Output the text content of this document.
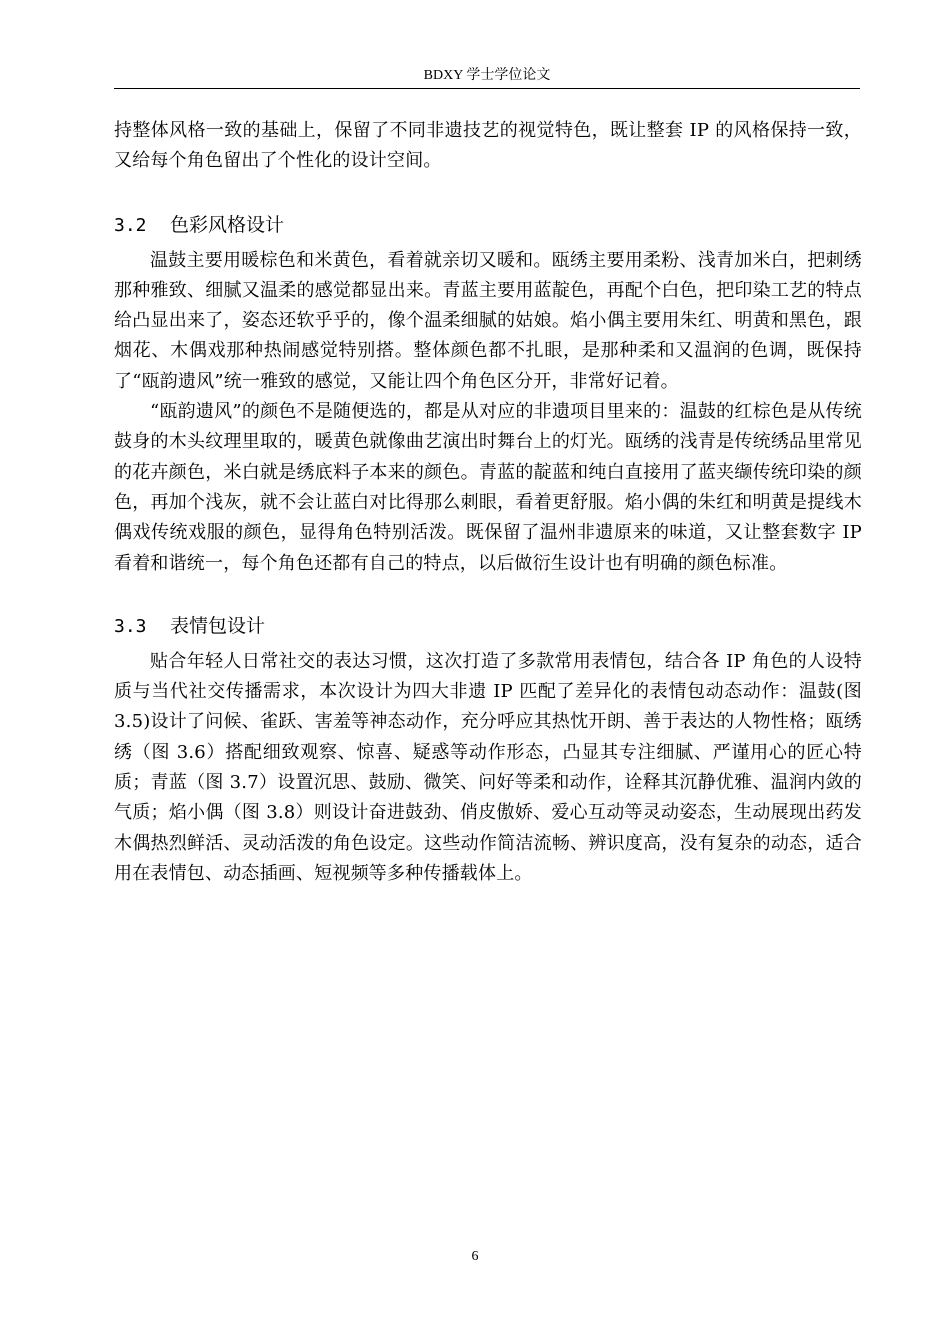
BDXY 学士学位论文

持整体风格一致的基础上，保留了不同非遗技艺的视觉特色，既让整套 IP 的风格保持一致，又给每个角色留出了个性化的设计空间。

3.2 色彩风格设计

温鼓主要用暖棕色和米黄色，看着就亲切又暖和。瓯绣主要用柔粉、浅青加米白，把刺绣那种雅致、细腻又温柔的感觉都显出来。青蓝主要用蓝靛色，再配个白色，把印染工艺的特点给凸显出来了，姿态还软乎乎的，像个温柔细腻的姑娘。焰小偶主要用朱红、明黄和黑色，跟烟花、木偶戏那种热闹感觉特别搭。整体颜色都不扎眼，是那种柔和又温润的色调，既保持了“瓯韵遗风”统一雅致的感觉，又能让四个角色区分开，非常好记着。

“瓯韵遗风”的颜色不是随便选的，都是从对应的非遗项目里来的：温鼓的红棕色是从传统鼓身的木头纹理里取的，暖黄色就像曲艺演出时舞台上的灯光。瓯绣的浅青是传统绣品里常见的花卉颜色，米白就是绣底料子本来的颜色。青蓝的靛蓝和纯白直接用了蓝夹缬传统印染的颜色，再加个浅灰，就不会让蓝白对比得那么刺眼，看着更舒服。焰小偶的朱红和明黄是提线木偶戏传统戏服的颜色，显得角色特别活泼。既保留了温州非遗原来的味道，又让整套数字 IP 看着和谐统一，每个角色还都有自己的特点，以后做衍生设计也有明确的颜色标准。

3.3 表情包设计

贴合年轻人日常社交的表达习惯，这次打造了多款常用表情包，结合各 IP 角色的人设特质与当代社交传播需求，本次设计为四大非遗 IP 匹配了差异化的表情包动态动作：温鼓(图 3.5)设计了问候、雀跃、害羞等神态动作，充分呼应其热忱开朗、善于表达的人物性格；瓯绣绣（图 3.6）搭配细致观察、惊喜、疑惑等动作形态，凸显其专注细腻、严谨用心的匠心特质；青蓝（图 3.7）设置沉思、鼓励、微笑、问好等柔和动作，诠释其沉静优雅、温润内敛的气质；焰小偶（图 3.8）则设计奋进鼓劲、俏皮傲娇、爱心互动等灵动姿态，生动展现出药发木偶热烈鲜活、灵动活泼的角色设定。这些动作简洁流畅、辨识度高，没有复杂的动态，适合用在表情包、动态插画、短视频等多种传播载体上。

6
